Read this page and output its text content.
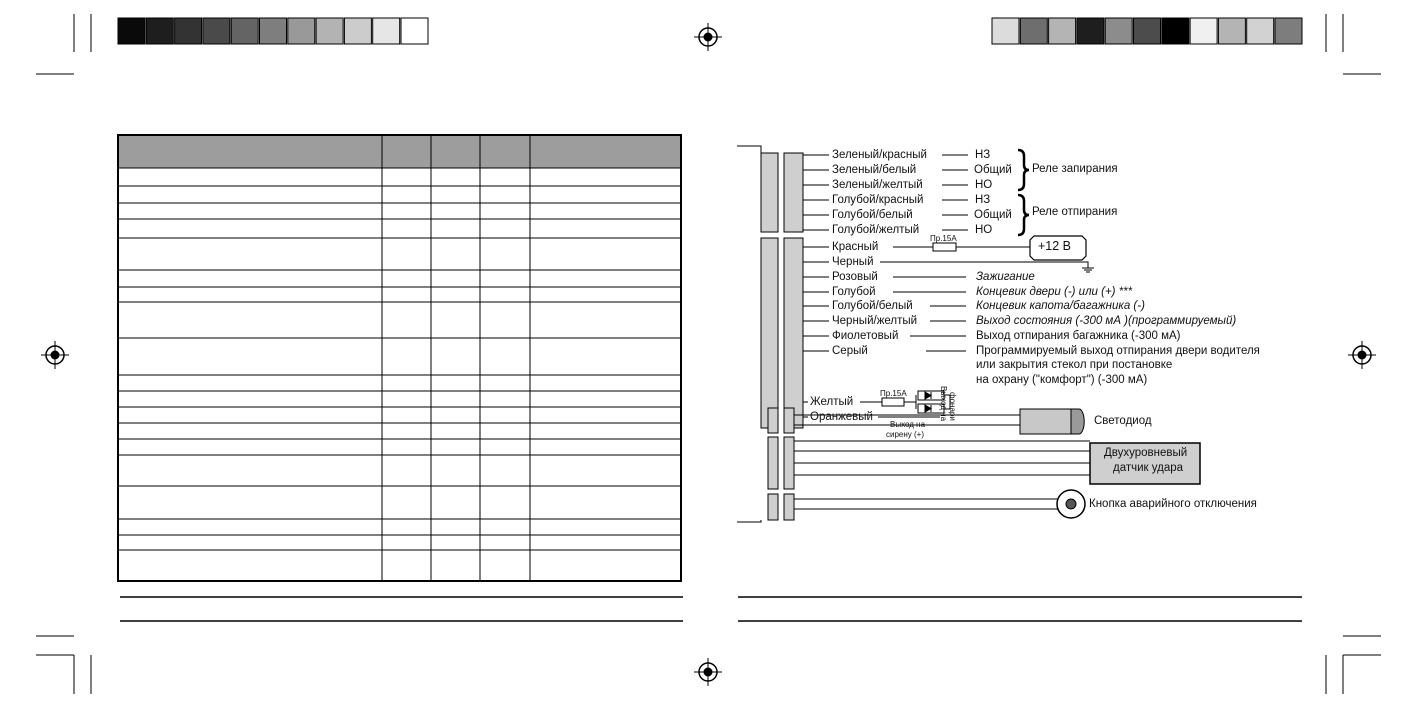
Зеленый/красный
Зеленый/белый
Зеленый/желтый
Голубой/красный
Голубой/белый
Голубой/желтый
НЗ
Общий
НО
НЗ
Общий
НО
Реле запирания
Реле отпирания
Красный
Черный
Розовый
Голубой
Голубой/белый
Черный/желтый
Фиолетовый
Серый
Пр.15А
+12 В
Зажигание
Концевик двери (-) или (+) ***
Концевик капота/багажника (-)
Выход состояния (-300 мА )(программируемый)
Выход отпирания багажника (-300 мА)
Программируемый выход отпирания двери водителя
или закрытия стекол при постановке
на охрану ("комфорт") (-300 мА)
Желтый
Оранжевый
Пр.15А
Выход на
сирену (+)
Выход на фонари
Светодиод
Двухуровневый
датчик удара
Кнопка аварийного отключения
